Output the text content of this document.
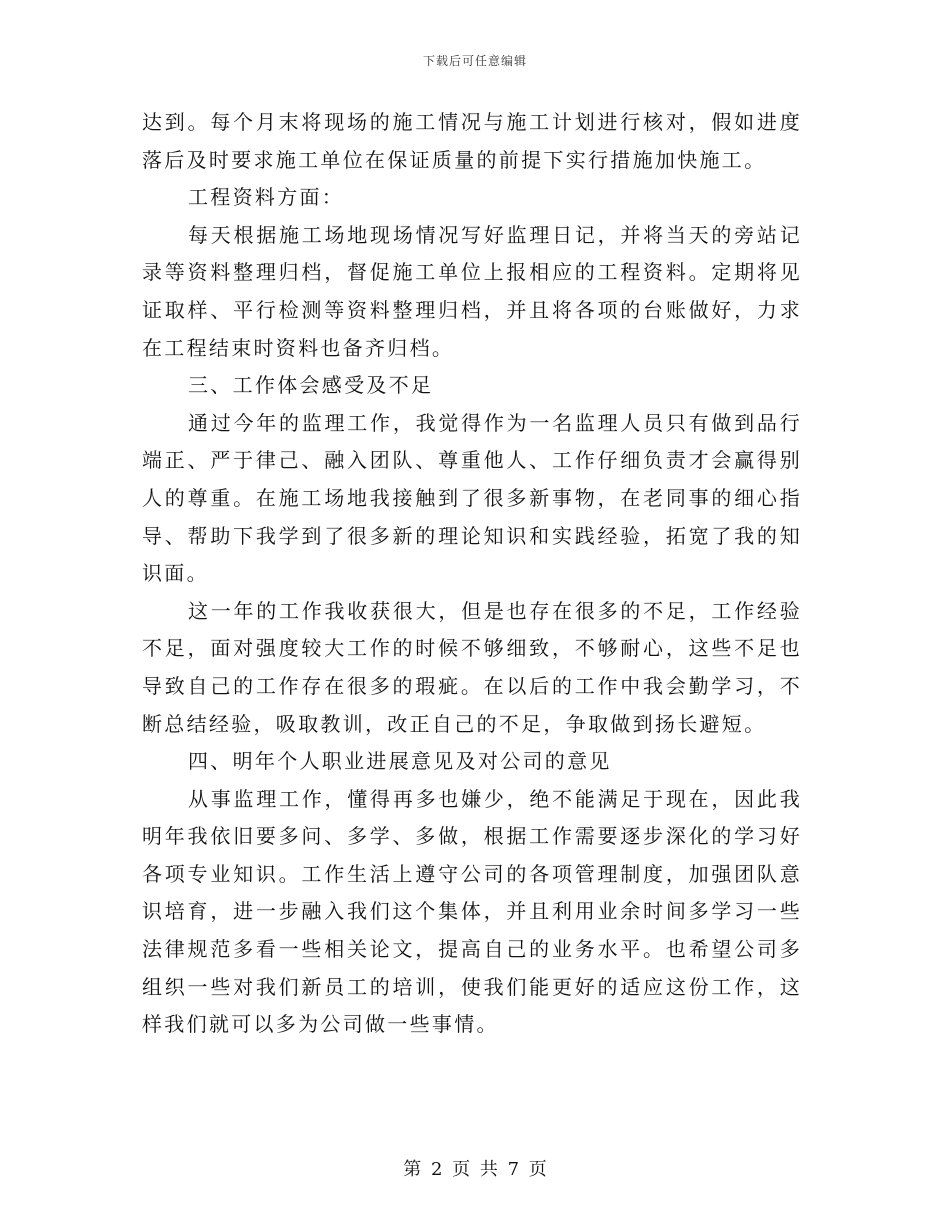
下载后可任意编辑

达到。每个月末将现场的施工情况与施工计划进行核对，假如进度落后及时要求施工单位在保证质量的前提下实行措施加快施工。

工程资料方面：

每天根据施工场地现场情况写好监理日记，并将当天的旁站记录等资料整理归档，督促施工单位上报相应的工程资料。定期将见证取样、平行检测等资料整理归档，并且将各项的台账做好，力求在工程结束时资料也备齐归档。

三、工作体会感受及不足

通过今年的监理工作，我觉得作为一名监理人员只有做到品行端正、严于律己、融入团队、尊重他人、工作仔细负责才会赢得别人的尊重。在施工场地我接触到了很多新事物，在老同事的细心指导、帮助下我学到了很多新的理论知识和实践经验，拓宽了我的知识面。

这一年的工作我收获很大，但是也存在很多的不足，工作经验不足，面对强度较大工作的时候不够细致，不够耐心，这些不足也导致自己的工作存在很多的瑕疵。在以后的工作中我会勤学习，不断总结经验，吸取教训，改正自己的不足，争取做到扬长避短。

四、明年个人职业进展意见及对公司的意见

从事监理工作，懂得再多也嫌少，绝不能满足于现在，因此我明年我依旧要多问、多学、多做，根据工作需要逐步深化的学习好各项专业知识。工作生活上遵守公司的各项管理制度，加强团队意识培育，进一步融入我们这个集体，并且利用业余时间多学习一些法律规范多看一些相关论文，提高自己的业务水平。也希望公司多组织一些对我们新员工的培训，使我们能更好的适应这份工作，这样我们就可以多为公司做一些事情。

第 2 页 共 7 页
